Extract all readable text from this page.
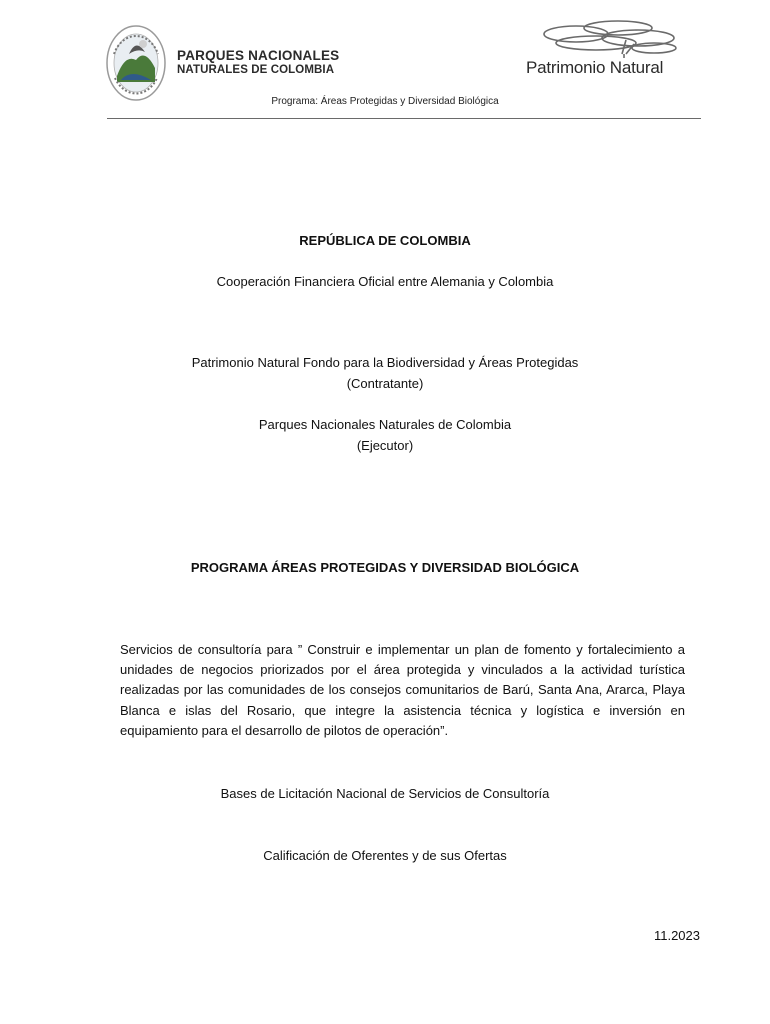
PARQUES NACIONALES
NATURALES DE COLOMBIA	Patrimonio Natural
Programa: Áreas Protegidas y Diversidad Biológica
REPÚBLICA DE COLOMBIA
Cooperación Financiera Oficial entre Alemania y Colombia
Patrimonio Natural Fondo para la Biodiversidad y Áreas Protegidas
(Contratante)
Parques Nacionales Naturales de Colombia
(Ejecutor)
PROGRAMA ÁREAS PROTEGIDAS Y DIVERSIDAD BIOLÓGICA
Servicios de consultoría para ” Construir e implementar un plan de fomento y fortalecimiento a unidades de negocios priorizados por el área protegida y vinculados a la actividad turística realizadas por las comunidades de los consejos comunitarios de Barú, Santa Ana, Ararca, Playa Blanca e islas del Rosario, que integre la asistencia técnica y logística e inversión en equipamiento para el desarrollo de pilotos de operación”.
Bases de Licitación Nacional de Servicios de Consultoría
Calificación de Oferentes y de sus Ofertas
11.2023
